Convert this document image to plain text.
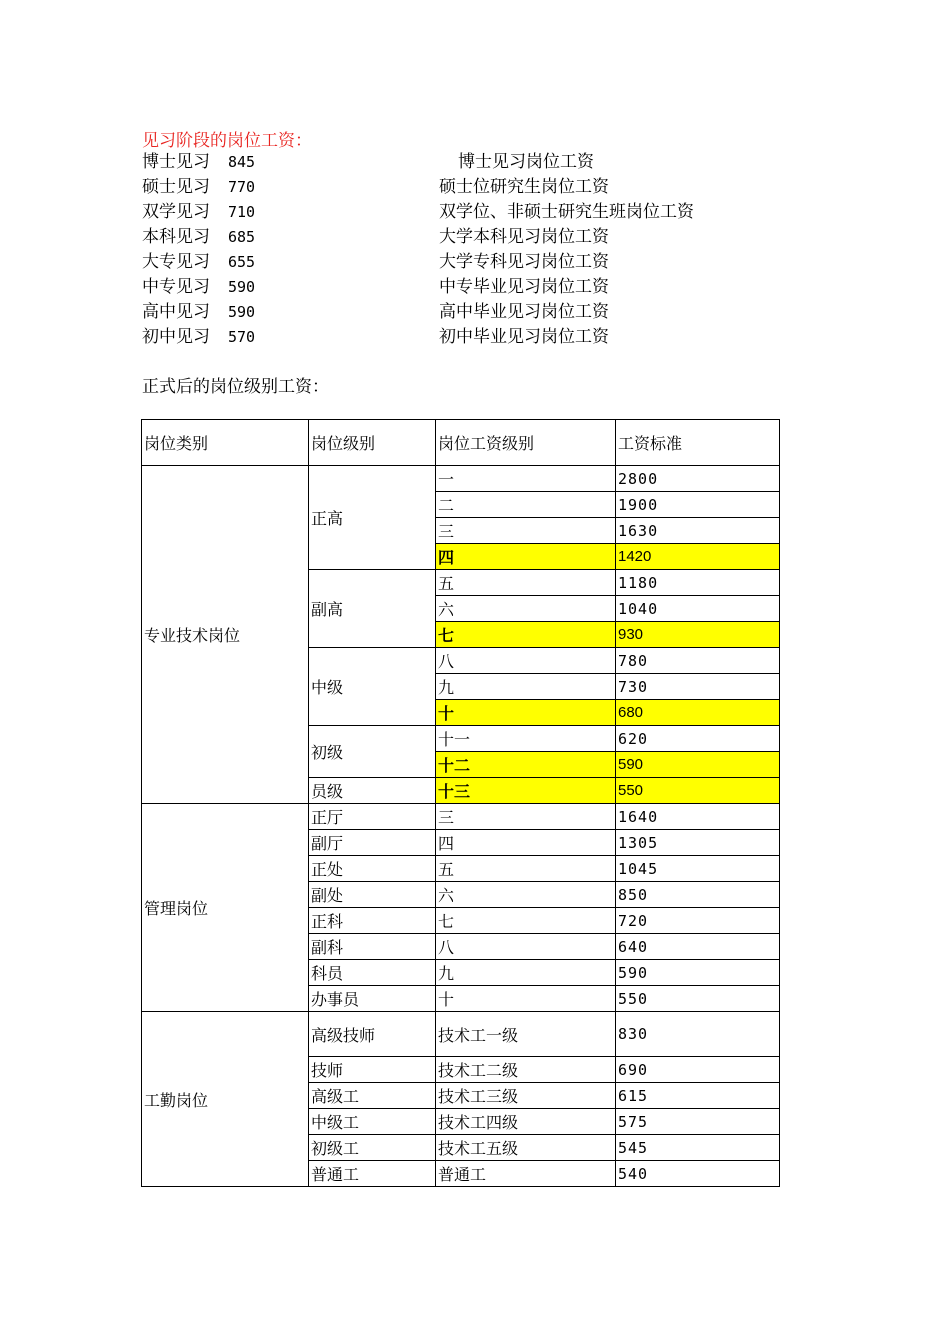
见习阶段的岗位工资：
博士见习 845	博士见习岗位工资
硕士见习 770	硕士位研究生岗位工资
双学见习 710	双学位、非硕士研究生班岗位工资
本科见习 685	大学本科见习岗位工资
大专见习 655	大学专科见习岗位工资
中专见习 590	中专毕业见习岗位工资
高中见习 590	高中毕业见习岗位工资
初中见习 570	初中毕业见习岗位工资
正式后的岗位级别工资：
岗位类别	岗位级别	岗位工资级别	工资标准
专业技术岗位	正高	一	2800
		二	1900
		三	1630
		四	1420
	副高	五	1180
		六	1040
		七	930
	中级	八	780
		九	730
		十	680
	初级	十一	620
		十二	590
	员级	十三	550
管理岗位	正厅	三	1640
	副厅	四	1305
	正处	五	1045
	副处	六	850
	正科	七	720
	副科	八	640
	科员	九	590
	办事员	十	550
工勤岗位	高级技师	技术工一级	830
	技师	技术工二级	690
	高级工	技术工三级	615
	中级工	技术工四级	575
	初级工	技术工五级	545
	普通工	普通工	540
